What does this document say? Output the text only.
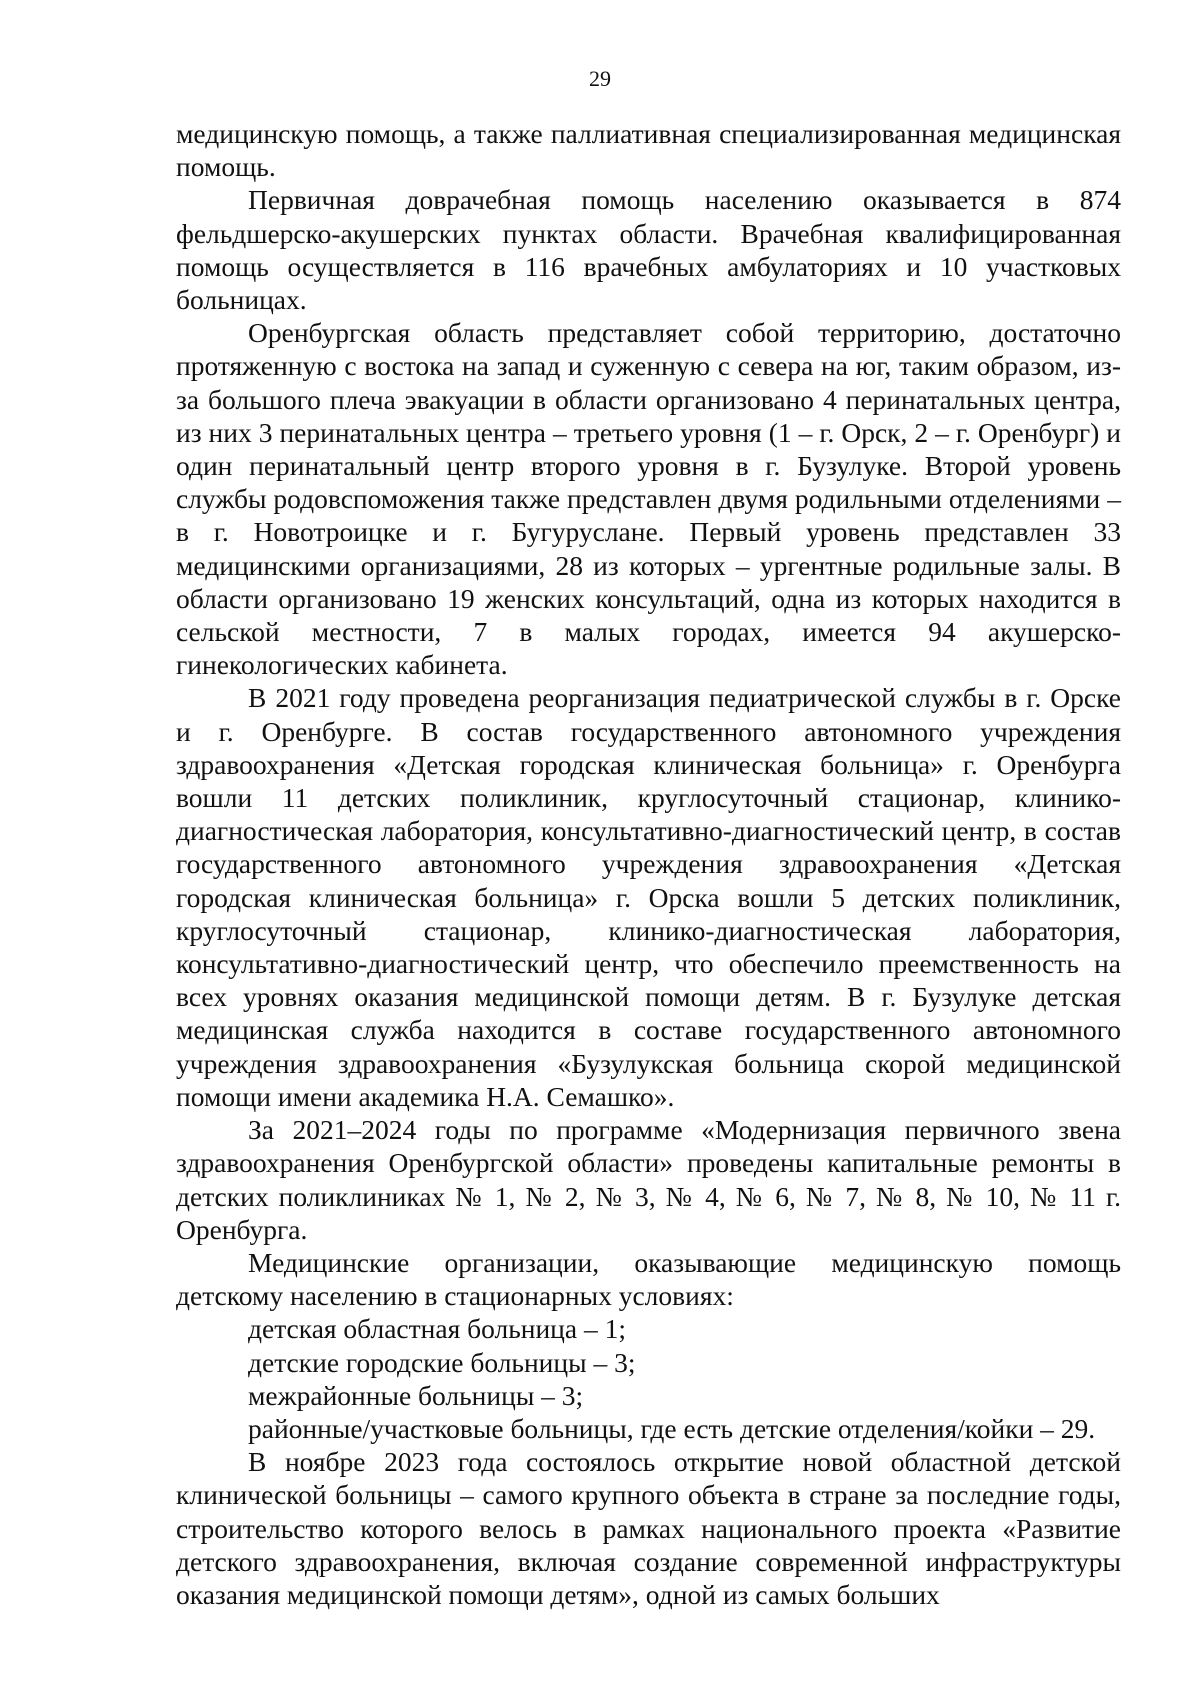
29

медицинскую помощь, а также паллиативная специализированная медицинская помощь.

Первичная доврачебная помощь населению оказывается в 874 фельдшерско-акушерских пунктах области. Врачебная квалифицированная помощь осуществляется в 116 врачебных амбулаториях и 10 участковых больницах.

Оренбургская область представляет собой территорию, достаточно протяженную с востока на запад и суженную с севера на юг, таким образом, из-за большого плеча эвакуации в области организовано 4 перинатальных центра, из них 3 перинатальных центра – третьего уровня (1 – г. Орск, 2 – г. Оренбург) и один перинатальный центр второго уровня в г. Бузулуке. Второй уровень службы родовспоможения также представлен двумя родильными отделениями – в г. Новотроицке и г. Бугуруслане. Первый уровень представлен 33 медицинскими организациями, 28 из которых – ургентные родильные залы. В области организовано 19 женских консультаций, одна из которых находится в сельской местности, 7 в малых городах, имеется 94 акушерско-гинекологических кабинета.

В 2021 году проведена реорганизация педиатрической службы в г. Орске и г. Оренбурге. В состав государственного автономного учреждения здравоохранения «Детская городская клиническая больница» г. Оренбурга вошли 11 детских поликлиник, круглосуточный стационар, клинико-диагностическая лаборатория, консультативно-диагностический центр, в состав государственного автономного учреждения здравоохранения «Детская городская клиническая больница» г. Орска вошли 5 детских поликлиник, круглосуточный стационар, клинико-диагностическая лаборатория, консультативно-диагностический центр, что обеспечило преемственность на всех уровнях оказания медицинской помощи детям. В г. Бузулуке детская медицинская служба находится в составе государственного автономного учреждения здравоохранения «Бузулукская больница скорой медицинской помощи имени академика Н.А. Семашко».

За 2021–2024 годы по программе «Модернизация первичного звена здравоохранения Оренбургской области» проведены капитальные ремонты в детских поликлиниках № 1, № 2, № 3, № 4, № 6, № 7, № 8, № 10, № 11 г. Оренбурга.

Медицинские организации, оказывающие медицинскую помощь детскому населению в стационарных условиях:

детская областная больница – 1;

детские городские больницы – 3;

межрайонные больницы – 3;

районные/участковые больницы, где есть детские отделения/койки – 29.

В ноябре 2023 года состоялось открытие новой областной детской клинической больницы – самого крупного объекта в стране за последние годы, строительство которого велось в рамках национального проекта «Развитие детского здравоохранения, включая создание современной инфраструктуры оказания медицинской помощи детям», одной из самых больших
